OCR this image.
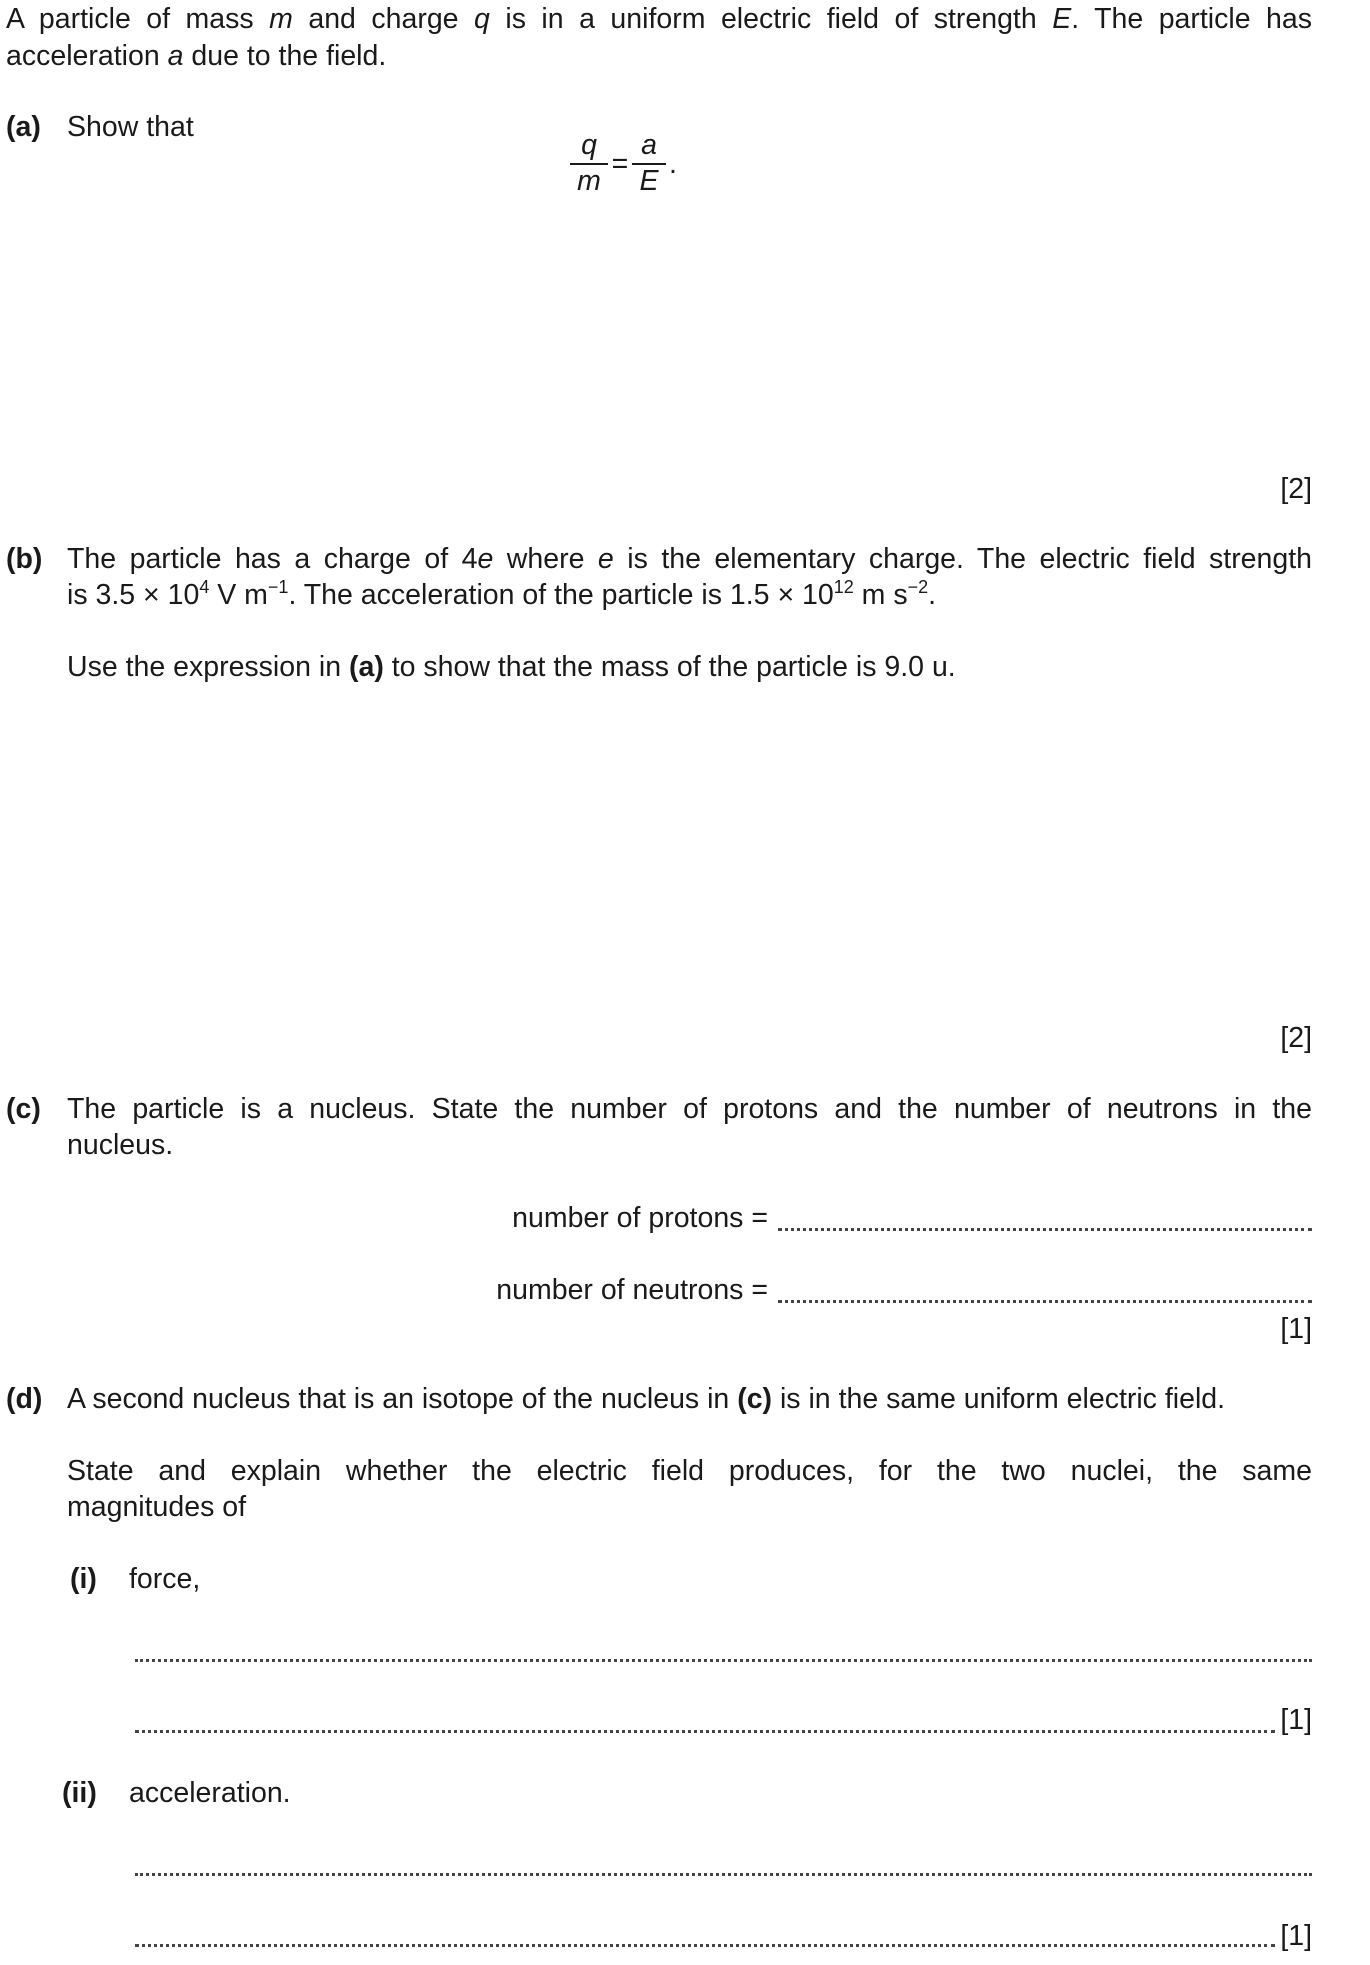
A particle of mass m and charge q is in a uniform electric field of strength E. The particle has
acceleration a due to the field.
(a) Show that
q
m
=
a
E
.
[2]
(b) The particle has a charge of 4e where e is the elementary charge. The electric field strength
is $3.5 \times 10^4$ V $m^{-1}$. The acceleration of the particle is $1.5 \times 10^{12}$ m $s^{-2}$.
Use the expression in (a) to show that the mass of the particle is 9.0 u.
[2]
(c) The particle is a nucleus. State the number of protons and the number of neutrons in the
nucleus.
number of protons =
number of neutrons =
[1]
(d) A second nucleus that is an isotope of the nucleus in (c) is in the same uniform electric field.
State and explain whether the electric field produces, for the two nuclei, the same
magnitudes of
(i) force,
[1]
(ii) acceleration.
[1]
